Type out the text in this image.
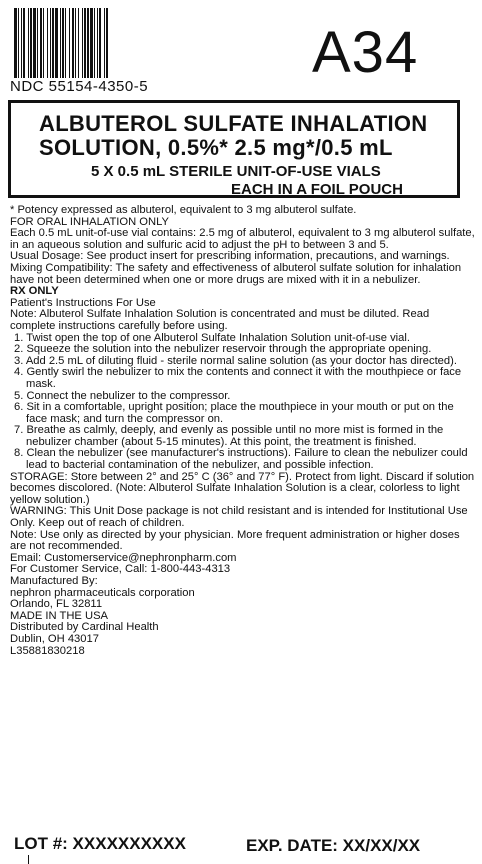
NDC 55154-4350-5
A34
ALBUTEROL SULFATE INHALATION
SOLUTION, 0.5%* 2.5 mg*/0.5 mL
5 X 0.5 mL STERILE UNIT-OF-USE VIALS
EACH IN A FOIL POUCH

* Potency expressed as albuterol, equivalent to 3 mg albuterol sulfate.

FOR ORAL INHALATION ONLY

Each 0.5 mL unit-of-use vial contains: 2.5 mg of albuterol, equivalent to 3 mg albuterol sulfate, in an aqueous solution and sulfuric acid to adjust the pH to between 3 and 5.

Usual Dosage: See product insert for prescribing information, precautions, and warnings.

Mixing Compatibility: The safety and effectiveness of albuterol sulfate solution for inhalation have not been determined when one or more drugs are mixed with it in a nebulizer.

RX ONLY

Patient's Instructions For Use

Note: Albuterol Sulfate Inhalation Solution is concentrated and must be diluted. Read complete instructions carefully before using.

1. Twist open the top of one Albuterol Sulfate Inhalation Solution unit-of-use vial.

2. Squeeze the solution into the nebulizer reservoir through the appropriate opening.

3. Add 2.5 mL of diluting fluid - sterile normal saline solution (as your doctor has directed).

4. Gently swirl the nebulizer to mix the contents and connect it with the mouthpiece or face mask.

5. Connect the nebulizer to the compressor.

6. Sit in a comfortable, upright position; place the mouthpiece in your mouth or put on the face mask; and turn the compressor on.

7. Breathe as calmly, deeply, and evenly as possible until no more mist is formed in the nebulizer chamber (about 5-15 minutes). At this point, the treatment is finished.

8. Clean the nebulizer (see manufacturer's instructions). Failure to clean the nebulizer could lead to bacterial contamination of the nebulizer, and possible infection.

STORAGE: Store between 2° and 25° C (36° and 77° F). Protect from light. Discard if solution becomes discolored. (Note: Albuterol Sulfate Inhalation Solution is a clear, colorless to light yellow solution.)

WARNING: This Unit Dose package is not child resistant and is intended for Institutional Use Only. Keep out of reach of children.

Note: Use only as directed by your physician. More frequent administration or higher doses are not recommended.

Email: Customerservice@nephronpharm.com

For Customer Service, Call: 1-800-443-4313

Manufactured By:

nephron pharmaceuticals corporation

Orlando, FL 32811

MADE IN THE USA

Distributed by Cardinal Health

Dublin, OH 43017

L35881830218

LOT #: XXXXXXXXXX	EXP. DATE: XX/XX/XX
